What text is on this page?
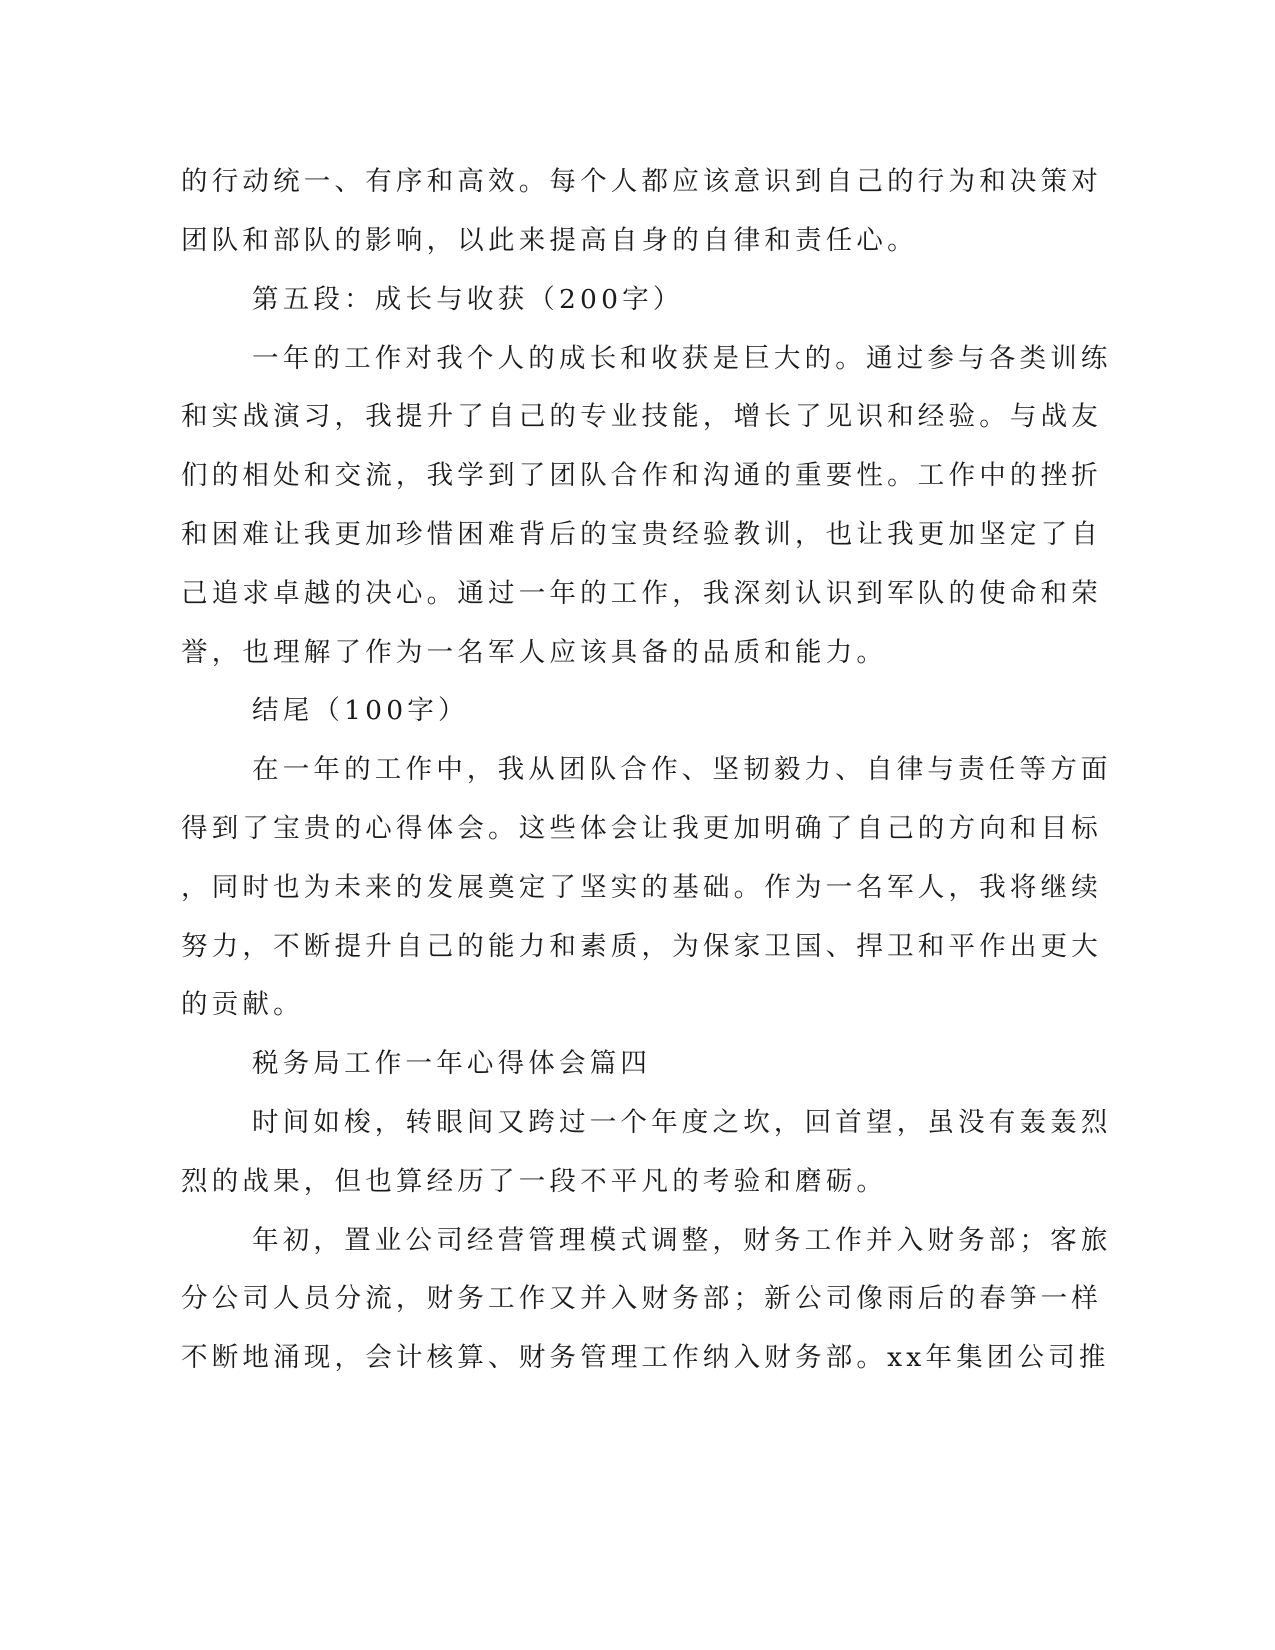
的行动统一、有序和高效。每个人都应该意识到自己的行为和决策对
团队和部队的影响，以此来提高自身的自律和责任心。
第五段：成长与收获（200字）
一年的工作对我个人的成长和收获是巨大的。通过参与各类训练
和实战演习，我提升了自己的专业技能，增长了见识和经验。与战友
们的相处和交流，我学到了团队合作和沟通的重要性。工作中的挫折
和困难让我更加珍惜困难背后的宝贵经验教训，也让我更加坚定了自
己追求卓越的决心。通过一年的工作，我深刻认识到军队的使命和荣
誉，也理解了作为一名军人应该具备的品质和能力。
结尾（100字）
在一年的工作中，我从团队合作、坚韧毅力、自律与责任等方面
得到了宝贵的心得体会。这些体会让我更加明确了自己的方向和目标
，同时也为未来的发展奠定了坚实的基础。作为一名军人，我将继续
努力，不断提升自己的能力和素质，为保家卫国、捍卫和平作出更大
的贡献。
税务局工作一年心得体会篇四
时间如梭，转眼间又跨过一个年度之坎，回首望，虽没有轰轰烈
烈的战果，但也算经历了一段不平凡的考验和磨砺。
年初，置业公司经营管理模式调整，财务工作并入财务部；客旅
分公司人员分流，财务工作又并入财务部；新公司像雨后的春笋一样
不断地涌现，会计核算、财务管理工作纳入财务部。xx年集团公司推
